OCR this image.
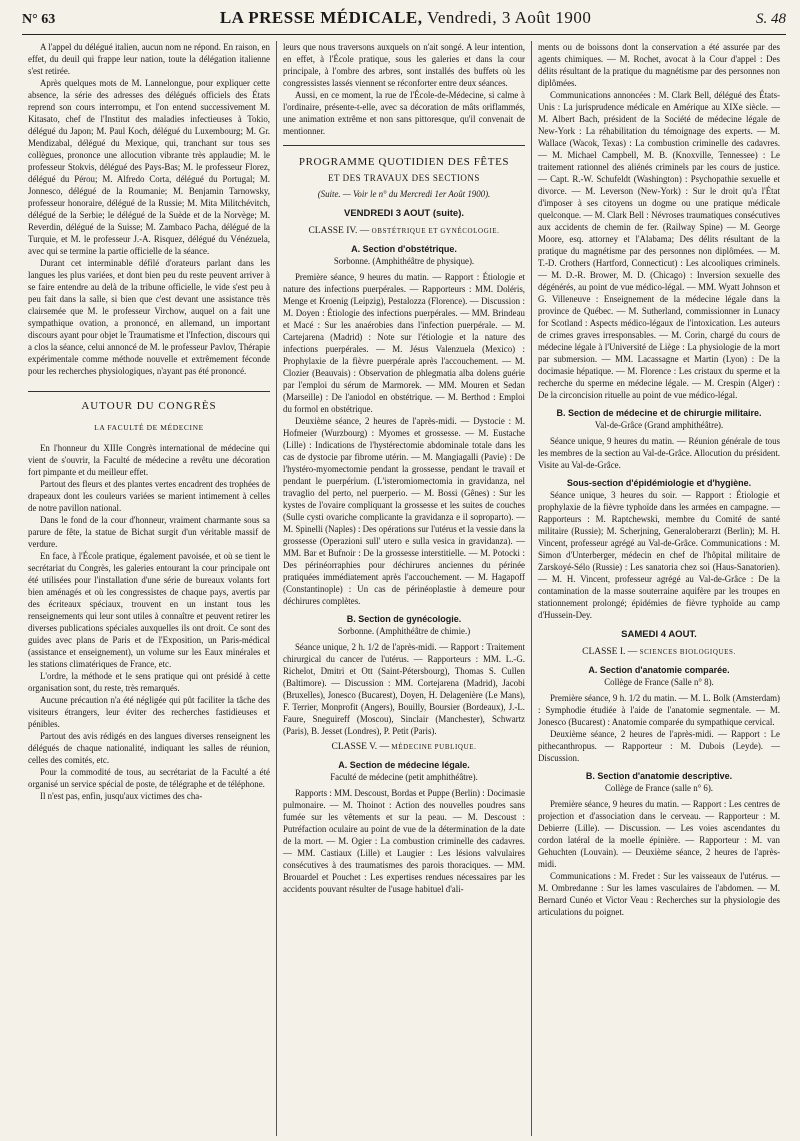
N° 63	LA PRESSE MÉDICALE, Vendredi, 3 Août 1900	S. 48

A l'appel du délégué italien, aucun nom ne répond. En raison, en effet, du deuil qui frappe leur nation, toute la délégation italienne s'est retirée.

Après quelques mots de M. Lannelongue, pour expliquer cette absence, la série des adresses des délégués officiels des États reprend son cours interrompu, et l'on entend successivement M. Kitasato, chef de l'Institut des maladies infectieuses à Tokio, délégué du Japon; M. Paul Koch, délégué du Luxembourg; M. Gr. Mendizabal, délégué du Mexique, qui, tranchant sur tous ses collègues, prononce une allocution vibrante très applaudie; M. le professeur Stokvis, délégué des Pays-Bas; M. le professeur Florez, délégué du Pérou; M. Alfredo Corta, délégué du Portugal; M. Jonnesco, délégué de la Roumanie; M. Benjamin Tarnowsky, professeur honoraire, délégué de la Russie; M. Mita Militchévitch, délégué de la Serbie; le délégué de la Suède et de la Norvège; M. Reverdin, délégué de la Suisse; M. Zambaco Pacha, délégué de la Turquie, et M. le professeur J.-A. Risquez, délégué du Vénézuela, avec qui se termine la partie officielle de la séance.

Durant cet interminable défilé d'orateurs parlant dans les langues les plus variées, et dont bien peu du reste peuvent arriver à se faire entendre au delà de la tribune officielle, le vide s'est peu à peu fait dans la salle, si bien que c'est devant une assistance très clairsemée que M. le professeur Virchow, auquel on a fait une sympathique ovation, a prononcé, en allemand, un important discours ayant pour objet le Traumatisme et l'Infection, discours qui a clos la séance, celui annoncé de M. le professeur Pavlov, Thérapie expérimentale comme méthode nouvelle et extrêmement féconde pour les recherches physiologiques, n'ayant pas été prononcé.

AUTOUR DU CONGRÈS
LA FACULTÉ DE MÉDECINE

En l'honneur du XIIIe Congrès international de médecine qui vient de s'ouvrir, la Faculté de médecine a revêtu une décoration fort pimpante et du meilleur effet.

Partout des fleurs et des plantes vertes encadrent des trophées de drapeaux dont les couleurs variées se marient intimement à celles de notre pavillon national.

Dans le fond de la cour d'honneur, vraiment charmante sous sa parure de fête, la statue de Bichat surgit d'un véritable massif de verdure.

En face, à l'École pratique, également pavoisée, et où se tient le secrétariat du Congrès, les galeries entourant la cour principale ont été utilisées pour l'installation d'une série de bureaux volants fort bien aménagés et où les congressistes de chaque pays, avertis par des écriteaux spéciaux, trouvent en un instant tous les renseignements qui leur sont utiles à connaître et peuvent retirer les diverses publications spéciales auxquelles ils ont droit. Ce sont des guides avec plans de Paris et de l'Exposition, un Paris-médical (assistance et enseignement), un volume sur les Eaux minérales et les stations climatériques de France, etc.

L'ordre, la méthode et le sens pratique qui ont présidé à cette organisation sont, du reste, très remarqués.

Aucune précaution n'a été négligée qui pût faciliter la tâche des visiteurs étrangers, leur éviter des recherches fastidieuses et pénibles.

Partout des avis rédigés en des langues diverses renseignent les délégués de chaque nationalité, indiquant les salles de réunion, celles des comités, etc.

Pour la commodité de tous, au secrétariat de la Faculté a été organisé un service spécial de poste, de télégraphe et de téléphone.

Il n'est pas, enfin, jusqu'aux victimes des cha-

leurs que nous traversons auxquels on n'ait songé. A leur intention, en effet, à l'École pratique, sous les galeries et dans la cour principale, à l'ombre des arbres, sont installés des buffets où les congressistes lassés viennent se réconforter entre deux séances.

Aussi, en ce moment, la rue de l'École-de-Médecine, si calme à l'ordinaire, présente-t-elle, avec sa décoration de mâts oriflammés, une animation extrême et non sans pittoresque, qu'il convenait de mentionner.

PROGRAMME QUOTIDIEN DES FÊTES
ET DES TRAVAUX DES SECTIONS
(Suite. — Voir le n° du Mercredi 1er Août 1900).
VENDREDI 3 AOUT (suite).
CLASSE IV. — OBSTÉTRIQUE ET GYNÉCOLOGIE.
A. Section d'obstétrique.
Sorbonne. (Amphithéâtre de physique).

Première séance, 9 heures du matin. — Rapport : Étiologie et nature des infections puerpérales. — Rapporteurs : MM. Doléris, Menge et Kroenig (Leipzig), Pestalozza (Florence). — Discussion : M. Doyen : Étiologie des infections puerpérales. — MM. Brindeau et Macé : Sur les anaérobies dans l'infection puerpérale. — M. Cartejarena (Madrid) : Note sur l'étiologie et la nature des infections puerpérales. — M. Jésus Valenzuela (Mexico) : Prophylaxie de la fièvre puerpérale après l'accouchement. — M. Clozier (Beauvais) : Observation de phlegmatia alba dolens guérie par l'emploi du sérum de Marmorek. — MM. Mouren et Sedan (Marseille) : De l'aniodol en obstétrique. — M. Berthod : Emploi du formol en obstétrique.

Deuxième séance, 2 heures de l'après-midi. — Dystocie : M. Hofmeier (Wurzbourg) : Myomes et grossesse. — M. Eustache (Lille) : Indications de l'hystérectomie abdominale totale dans les cas de dystocie par fibrome utérin. — M. Mangiagalli (Pavie) : De l'hystéro-myomectomie pendant la grossesse, pendant le travail et pendant le puerpérium. (L'isteromiomectomia in gravidanza, nel travaglio del perto, nel puerperio. — M. Bossi (Gênes) : Sur les kystes de l'ovaire compliquant la grossesse et les suites de couches (Sulle cysti ovariche complicante la gravidanza e il soproparto). — M. Spinelli (Naples) : Des opérations sur l'utérus et la vessie dans la grossesse (Operazioni sull' utero e sulla vesica in gravidanza). — MM. Bar et Bufnoir : De la grossesse interstitielle. — M. Potocki : Des périnéorraphies pour déchirures anciennes du périnée pratiquées immédiatement après l'accouchement. — M. Hagapoff (Constantinople) : Un cas de périnéoplastie à demeure pour déchirures complètes.

B. Section de gynécologie.
Sorbonne. (Amphithéâtre de chimie.)

Séance unique, 2 h. 1/2 de l'après-midi. — Rapport : Traitement chirurgical du cancer de l'utérus. — Rapporteurs : MM. L.-G. Richelot, Dmitri et Ott (Saint-Pétersbourg), Thomas S. Cullen (Baltimore). — Discussion : MM. Cortejarena (Madrid), Jacobi (Bruxelles), Jonesco (Bucarest), Doyen, H. Delagenière (Le Mans), F. Terrier, Monprofit (Angers), Bouilly, Boursier (Bordeaux), J.-L. Faure, Sneguireff (Moscou), Sinclair (Manchester), Schwartz (Paris), B. Jesset (Londres), P. Petit (Paris).

CLASSE V. — MÉDECINE PUBLIQUE.
A. Section de médecine légale.
Faculté de médecine (petit amphithéâtre).

Rapports : MM. Descoust, Bordas et Puppe (Berlin) : Docimasie pulmonaire. — M. Thoinot : Action des nouvelles poudres sans fumée sur les vêtements et sur la peau. — M. Descoust : Putréfaction oculaire au point de vue de la détermination de la date de la mort. — M. Ogier : La combustion criminelle des cadavres. — MM. Castiaux (Lille) et Laugier : Les lésions valvulaires consécutives à des traumatismes des parois thoraciques. — MM. Brouardel et Pouchet : Les expertises rendues nécessaires par les accidents pouvant résulter de l'usage habituel d'ali-

ments ou de boissons dont la conservation a été assurée par des agents chimiques. — M. Rochet, avocat à la Cour d'appel : Des délits résultant de la pratique du magnétisme par des personnes non diplômées.

Communications annoncées : M. Clark Bell, délégué des États-Unis : La jurisprudence médicale en Amérique au XIXe siècle. — M. Albert Bach, président de la Société de médecine légale de New-York : La réhabilitation du témoignage des experts. — M. Wallace (Wacok, Texas) : La combustion criminelle des cadavres. — M. Michael Campbell, M. B. (Knoxville, Tennessee) : Le traitement rationnel des aliénés criminels par les cours de justice. — Capt. R.-W. Schufeldt (Washington) : Psychopathie sexuelle et divorce. — M. Leverson (New-York) : Sur le droit qu'a l'État d'imposer à ses citoyens un dogme ou une pratique médicale quelconque. — M. Clark Bell : Névroses traumatiques consécutives aux accidents de chemin de fer. (Railway Spine) — M. George Moore, esq. attorney et l'Alabama; Des délits résultant de la pratique du magnétisme par des personnes non diplômées. — M. T.-D. Crothers (Hartford, Connecticut) : Les alcooliques criminels. — M. D.-R. Brower, M. D. (Chicago) : Inversion sexuelle des dégénérés, au point de vue médico-légal. — MM. Wyatt Johnson et G. Villeneuve : Enseignement de la médecine légale dans la province de Québec. — M. Sutherland, commissionner in Lunacy for Scotland : Aspects médico-légaux de l'intoxication. Les auteurs de crimes graves irresponsables. — M. Corin, chargé du cours de médecine légale à l'Université de Liège : La physiologie de la mort par submersion. — MM. Lacassagne et Martin (Lyon) : De la docimasie hépatique. — M. Florence : Les cristaux du sperme et la recherche du sperme en médecine légale. — M. Crespin (Alger) : De la circoncision rituelle au point de vue médico-légal.

B. Section de médecine et de chirurgie militaire.
Val-de-Grâce (Grand amphithéâtre).

Séance unique, 9 heures du matin. — Réunion générale de tous les membres de la section au Val-de-Grâce. Allocution du président. Visite au Val-de-Grâce.

Sous-section d'épidémiologie et d'hygiène.

Séance unique, 3 heures du soir. — Rapport : Étiologie et prophylaxie de la fièvre typhoïde dans les armées en campagne. — Rapporteurs : M. Raptchewski, membre du Comité de santé militaire (Russie); M. Scherjning, Generaloberarzt (Berlin); M. H. Vincent, professeur agrégé au Val-de-Grâce. Communications : M. Simon d'Unterberger, médecin en chef de l'hôpital militaire de Zarskoyé-Sélo (Russie) : Les sanatoria chez soi (Haus-Sanatorien). — M. H. Vincent, professeur agrégé au Val-de-Grâce : De la contamination de la masse souterraine aquifère par les troupes en stationnement prolongé; épidémies de fièvre typhoïde au camp d'Hussein-Dey.

SAMEDI 4 AOUT.
CLASSE I. — SCIENCES BIOLOGIQUES.
A. Section d'anatomie comparée.
Collège de France (Salle n° 8).

Première séance, 9 h. 1/2 du matin. — M. L. Bolk (Amsterdam) : Symphodie étudiée à l'aide de l'anatomie segmentale. — M. Jonesco (Bucarest) : Anatomie comparée du sympathique cervical.

Deuxième séance, 2 heures de l'après-midi. — Rapport : Le pithecanthropus. — Rapporteur : M. Dubois (Leyde). — Discussion.

B. Section d'anatomie descriptive.
Collège de France (salle n° 6).

Première séance, 9 heures du matin. — Rapport : Les centres de projection et d'association dans le cerveau. — Rapporteur : M. Debierre (Lille). — Discussion. — Les voies ascendantes du cordon latéral de la moelle épinière. — Rapporteur : M. van Gehuchten (Louvain). — Deuxième séance, 2 heures de l'après-midi.

Communications : M. Fredet : Sur les vaisseaux de l'utérus. — M. Ombredanne : Sur les lames vasculaires de l'abdomen. — M. Bernard Cunéo et Victor Veau : Recherches sur la physiologie des articulations du poignet.
